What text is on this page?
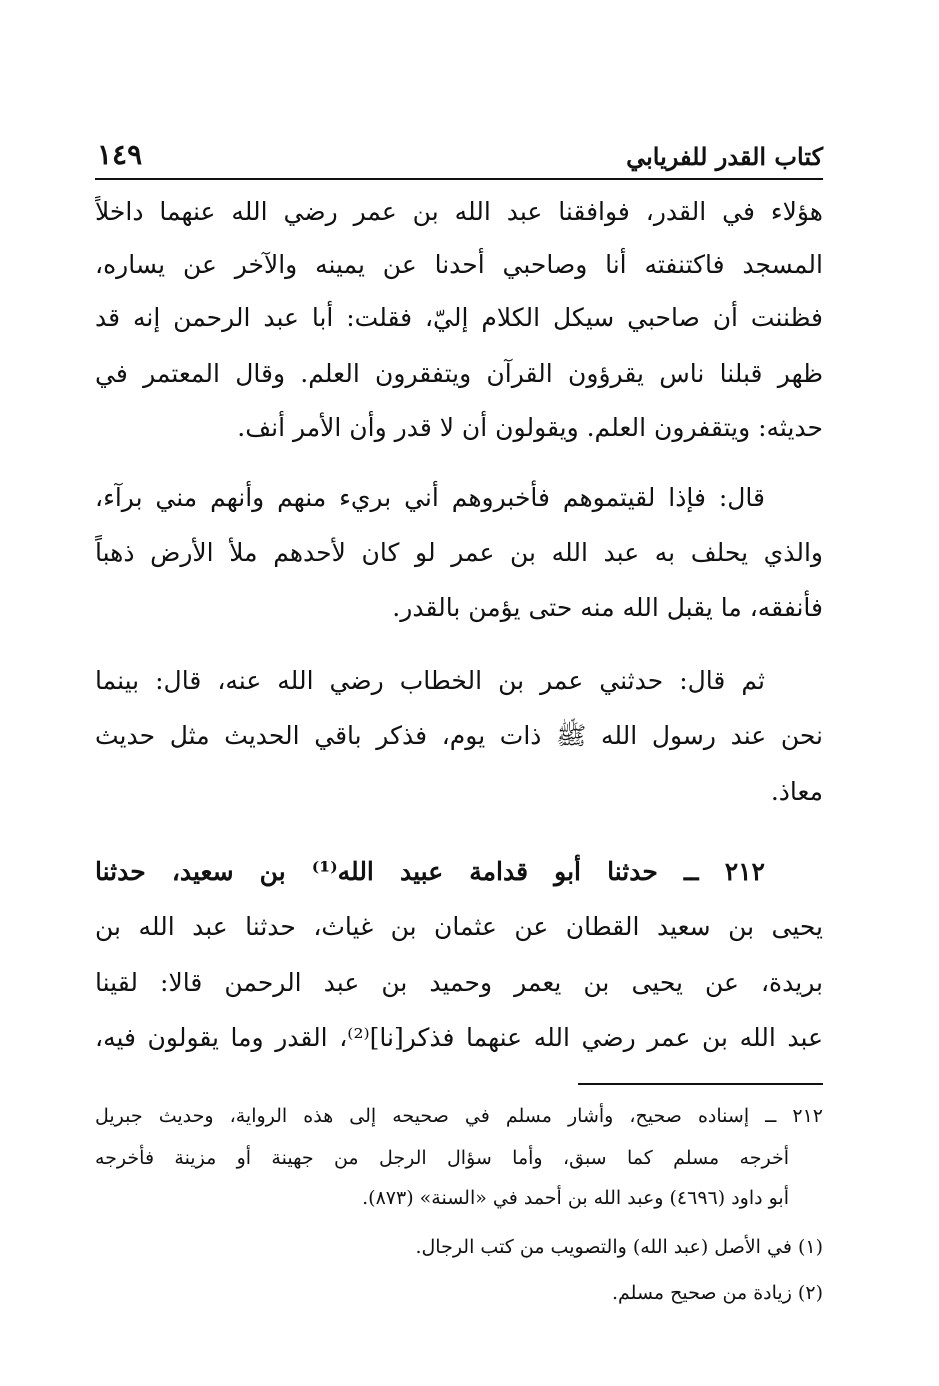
كتاب القدر للفريابي
١٤٩
هؤلاء في القدر، فوافقنا عبد الله بن عمر رضي الله عنهما داخلاً
المسجد فاكتنفته أنا وصاحبي أحدنا عن يمينه والآخر عن يساره،
فظننت أن صاحبي سيكل الكلام إليّ، فقلت: أبا عبد الرحمن إنه قد
ظهر قبلنا ناس يقرؤون القرآن ويتفقرون العلم. وقال المعتمر في
حديثه: ويتقفرون العلم. ويقولون أن لا قدر وأن الأمر أنف.
قال: فإذا لقيتموهم فأخبروهم أني بريء منهم وأنهم مني برآء،
والذي يحلف به عبد الله بن عمر لو كان لأحدهم ملأ الأرض ذهباً
فأنفقه، ما يقبل الله منه حتى يؤمن بالقدر.
ثم قال: حدثني عمر بن الخطاب رضي الله عنه، قال: بينما
نحن عند رسول الله ﷺ ذات يوم، فذكر باقي الحديث مثل حديث
معاذ.
٢١٢ ــ حدثنا أبو قدامة عبيد الله⁽¹⁾ بن سعيد، حدثنا
يحيى بن سعيد القطان عن عثمان بن غياث، حدثنا عبد الله بن
بريدة، عن يحيى بن يعمر وحميد بن عبد الرحمن قالا: لقينا
عبد الله بن عمر رضي الله عنهما فذكر[نا]⁽²⁾، القدر وما يقولون فيه،
٢١٢ ــ إسناده صحيح، وأشار مسلم في صحيحه إلى هذه الرواية، وحديث جبريل
أخرجه مسلم كما سبق، وأما سؤال الرجل من جهينة أو مزينة فأخرجه
أبو داود (٤٦٩٦) وعبد الله بن أحمد في «السنة» (٨٧٣).
(١) في الأصل (عبد الله) والتصويب من كتب الرجال.
(٢) زيادة من صحيح مسلم.
